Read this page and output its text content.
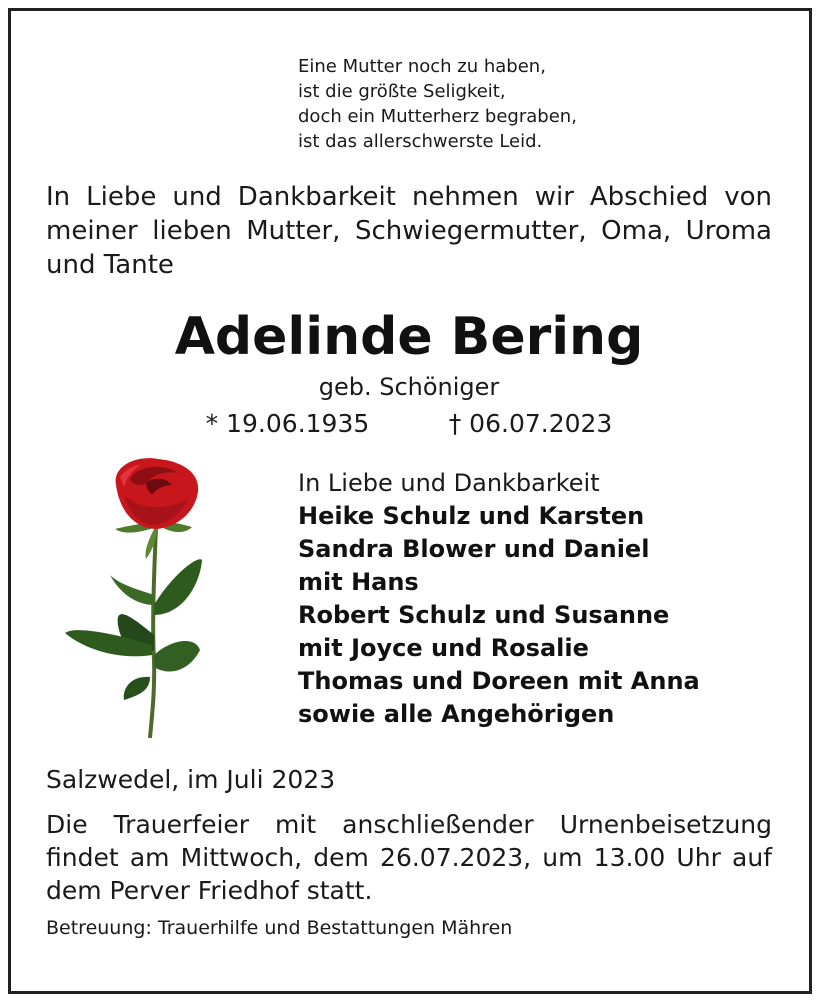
Eine Mutter noch zu haben,
ist die größte Seligkeit,
doch ein Mutterherz begraben,
ist das allerschwerste Leid.
In Liebe und Dankbarkeit nehmen wir Abschied von meiner lieben Mutter, Schwiegermutter, Oma, Uroma und Tante
Adelinde Bering
geb. Schöniger
* 19.06.1935	† 06.07.2023
In Liebe und Dankbarkeit
Heike Schulz und Karsten
Sandra Blower und Daniel
mit Hans
Robert Schulz und Susanne
mit Joyce und Rosalie
Thomas und Doreen mit Anna
sowie alle Angehörigen
Salzwedel, im Juli 2023
Die Trauerfeier mit anschließender Urnenbeisetzung findet am Mittwoch, dem 26.07.2023, um 13.00 Uhr auf dem Perver Friedhof statt.
Betreuung: Trauerhilfe und Bestattungen Mähren
